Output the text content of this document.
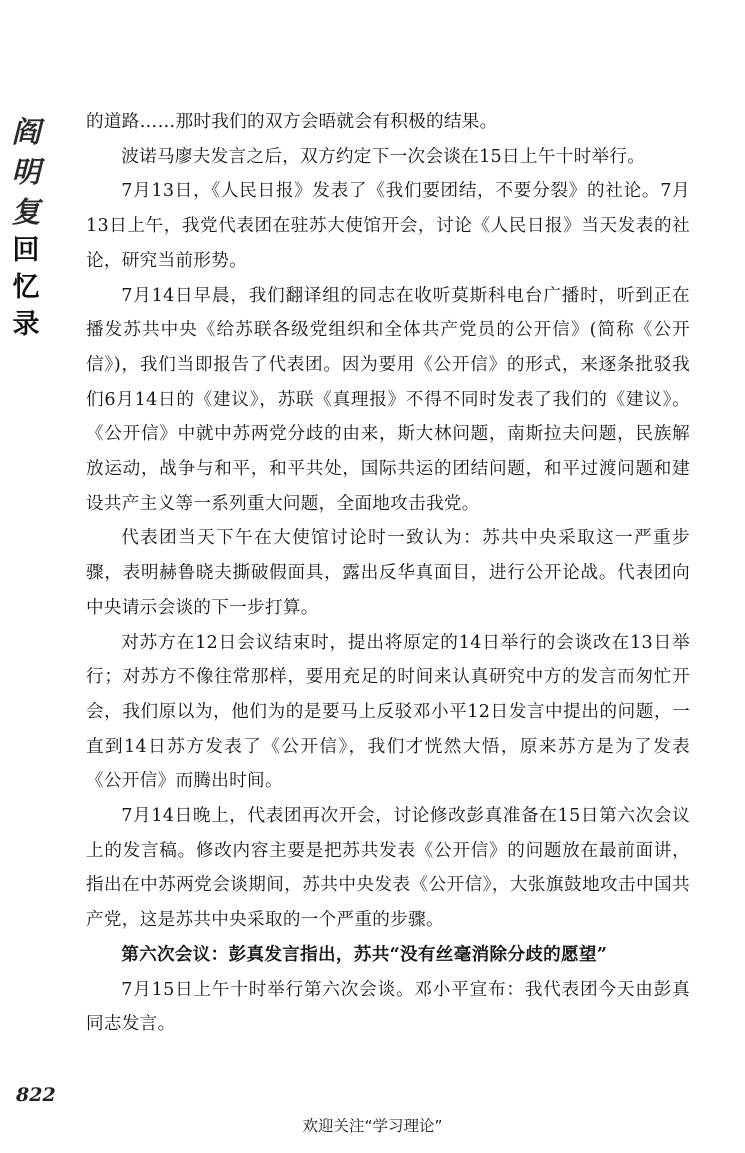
阎
明
复
回
忆
录

的道路……那时我们的双方会晤就会有积极的结果。

波诺马廖夫发言之后，双方约定下一次会谈在15日上午十时举行。

7月13日，《人民日报》发表了《我们要团结，不要分裂》的社论。7月13日上午，我党代表团在驻苏大使馆开会，讨论《人民日报》当天发表的社论，研究当前形势。

7月14日早晨，我们翻译组的同志在收听莫斯科电台广播时，听到正在播发苏共中央《给苏联各级党组织和全体共产党员的公开信》(简称《公开信》)，我们当即报告了代表团。因为要用《公开信》的形式，来逐条批驳我们6月14日的《建议》，苏联《真理报》不得不同时发表了我们的《建议》。《公开信》中就中苏两党分歧的由来，斯大林问题，南斯拉夫问题，民族解放运动，战争与和平，和平共处，国际共运的团结问题，和平过渡问题和建设共产主义等一系列重大问题，全面地攻击我党。

代表团当天下午在大使馆讨论时一致认为：苏共中央采取这一严重步骤，表明赫鲁晓夫撕破假面具，露出反华真面目，进行公开论战。代表团向中央请示会谈的下一步打算。

对苏方在12日会议结束时，提出将原定的14日举行的会谈改在13日举行；对苏方不像往常那样，要用充足的时间来认真研究中方的发言而匆忙开会，我们原以为，他们为的是要马上反驳邓小平12日发言中提出的问题，一直到14日苏方发表了《公开信》，我们才恍然大悟，原来苏方是为了发表《公开信》而腾出时间。

7月14日晚上，代表团再次开会，讨论修改彭真准备在15日第六次会议上的发言稿。修改内容主要是把苏共发表《公开信》的问题放在最前面讲，指出在中苏两党会谈期间，苏共中央发表《公开信》，大张旗鼓地攻击中国共产党，这是苏共中央采取的一个严重的步骤。

第六次会议：彭真发言指出，苏共“没有丝毫消除分歧的愿望”

7月15日上午十时举行第六次会谈。邓小平宣布：我代表团今天由彭真同志发言。

822
欢迎关注“学习理论”
